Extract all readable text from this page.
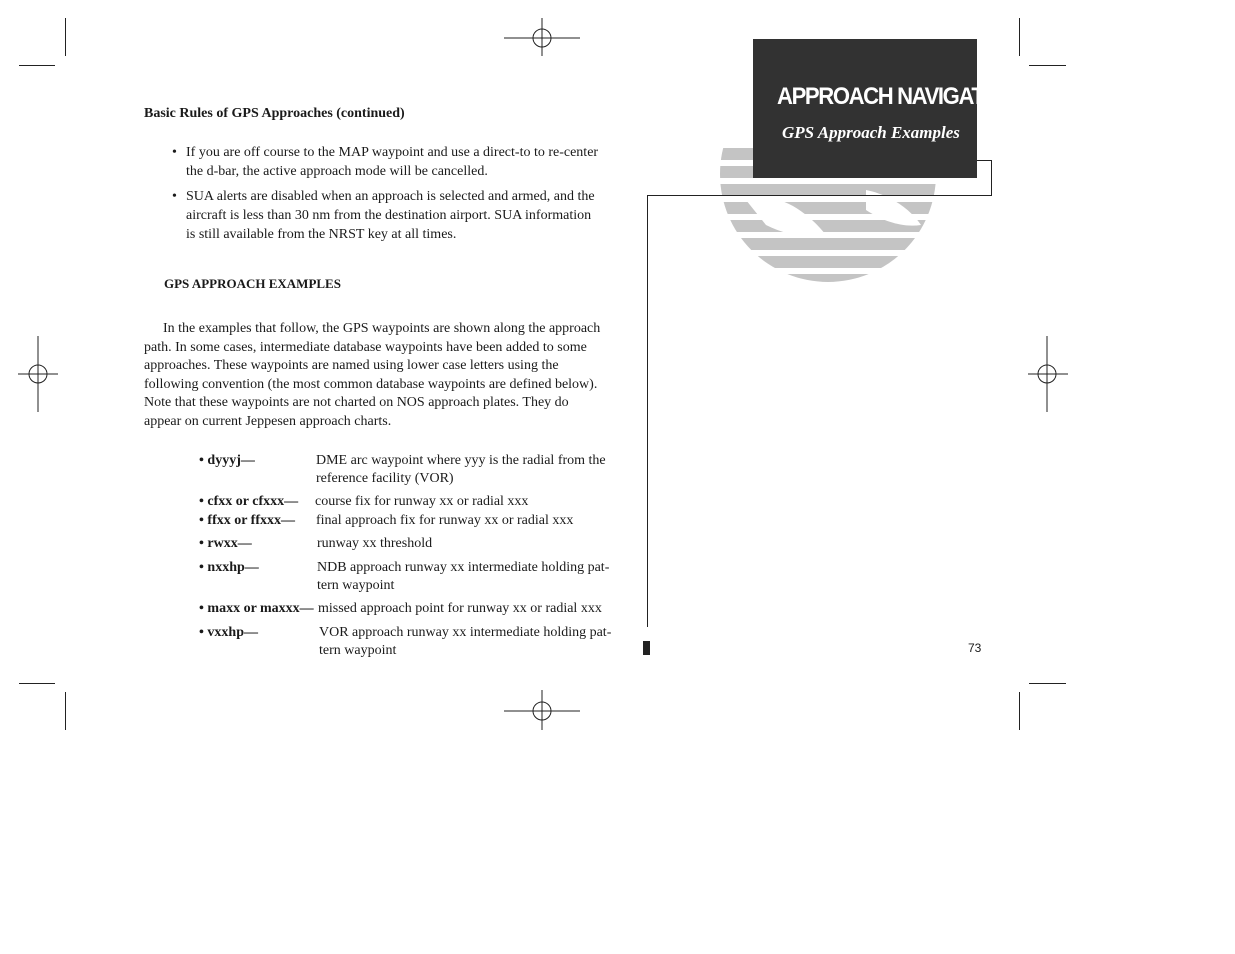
Basic Rules of GPS Approaches (continued)
• If you are off course to the MAP waypoint and use a direct-to to re-center the d-bar, the active approach mode will be cancelled.
• SUA alerts are disabled when an approach is selected and armed, and the aircraft is less than 30 nm from the destination airport. SUA information is still available from the NRST key at all times.
GPS APPROACH EXAMPLES
In the examples that follow, the GPS waypoints are shown along the approach path. In some cases, intermediate database waypoints have been added to some approaches. These waypoints are named using lower case letters using the following convention (the most common database waypoints are defined below). Note that these waypoints are not charted on NOS approach plates. They do appear on current Jeppesen approach charts.
• dyyyj—	DME arc waypoint where yyy is the radial from the
reference facility (VOR)
• cfxx or cfxxx— course fix for runway xx or radial xxx
• ffxx or ffxxx— final approach fix for runway xx or radial xxx
• rwxx—	runway xx threshold
• nxxhp—	NDB approach runway xx intermediate holding pat-
tern waypoint
• maxx or maxxx— missed approach point for runway xx or radial xxx
• vxxhp—	VOR approach runway xx intermediate holding pat-
tern waypoint
APPROACH NAVIGATION
GPS Approach Examples
73
